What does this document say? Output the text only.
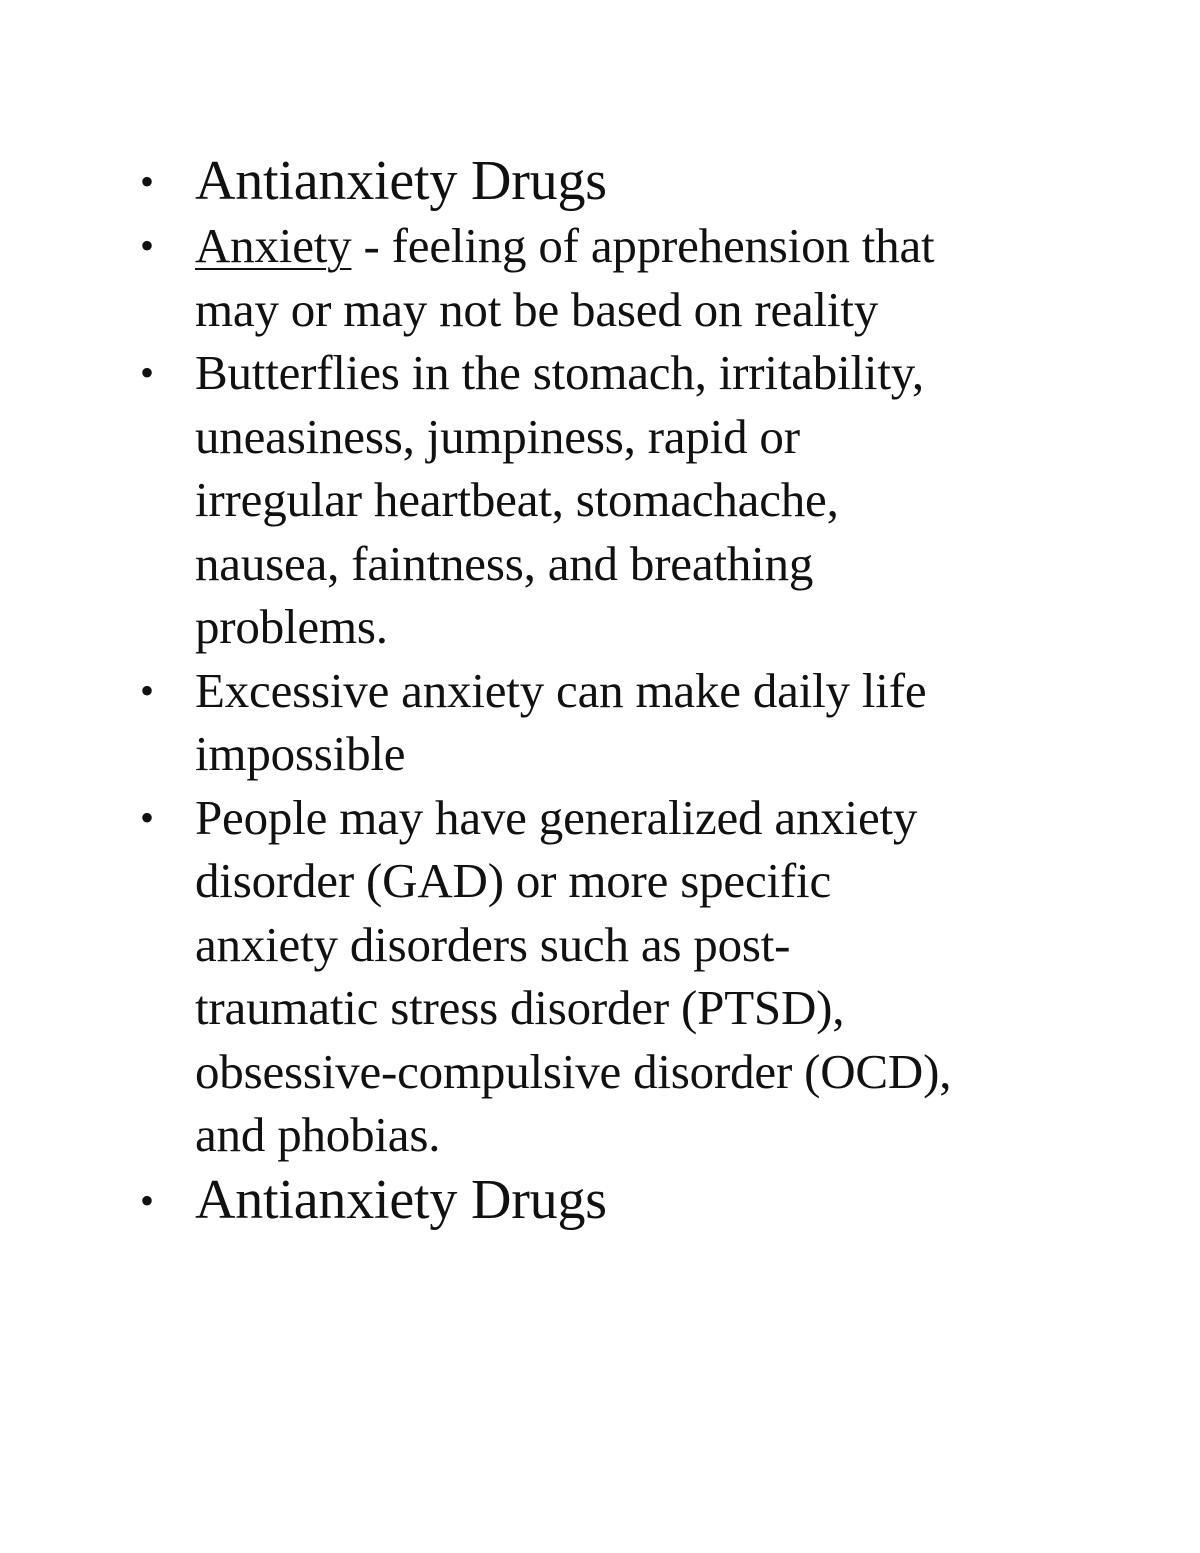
• Antianxiety Drugs
• Anxiety - feeling of apprehension that
may or may not be based on reality
• Butterflies in the stomach, irritability,
uneasiness, jumpiness, rapid or
irregular heartbeat, stomachache,
nausea, faintness, and breathing
problems.
• Excessive anxiety can make daily life
impossible
• People may have generalized anxiety
disorder (GAD) or more specific
anxiety disorders such as post-
traumatic stress disorder (PTSD),
obsessive-compulsive disorder (OCD),
and phobias.
• Antianxiety Drugs
